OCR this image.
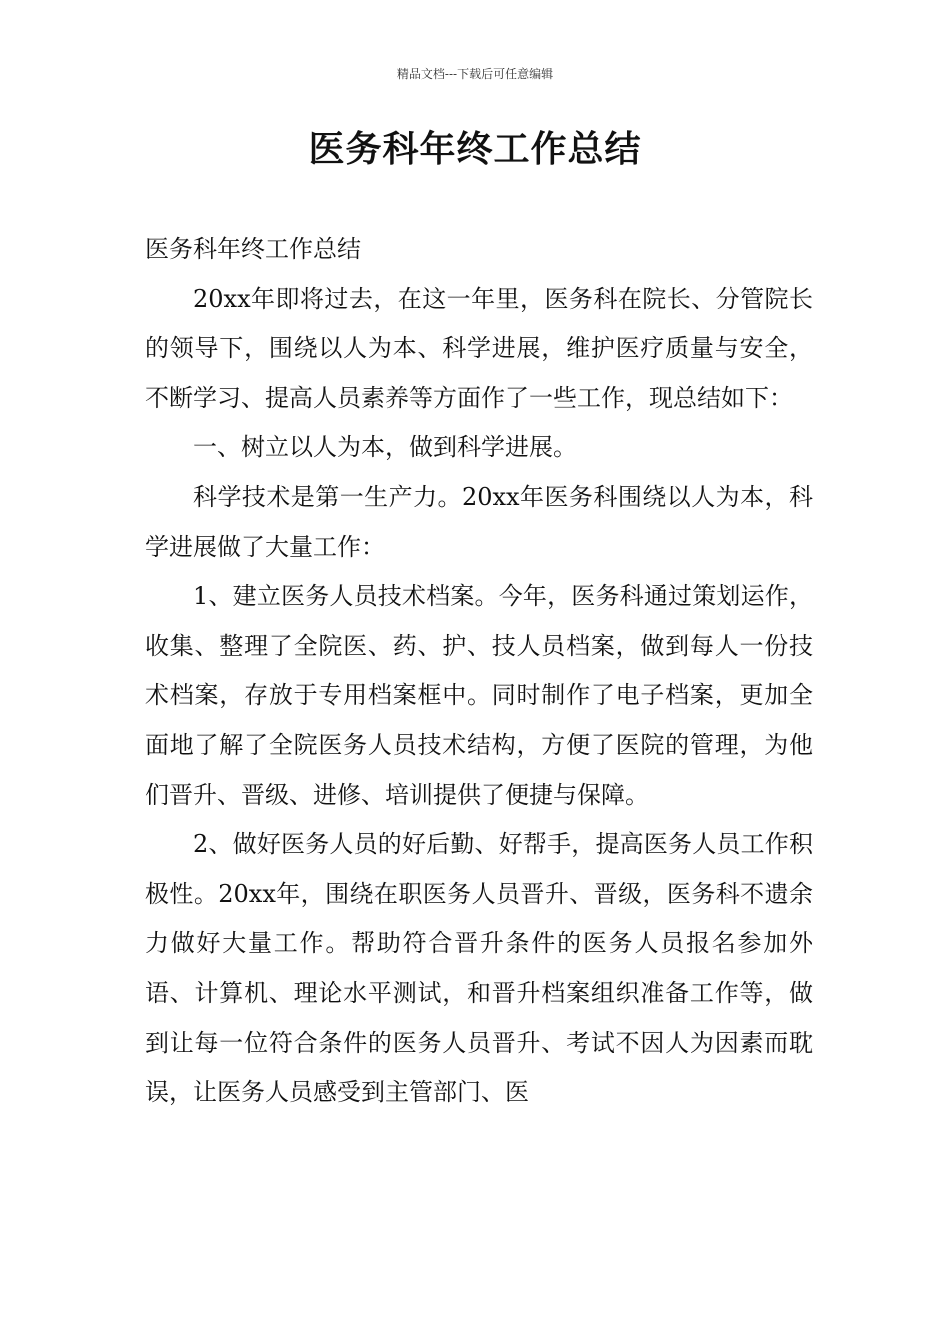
精品文档---下载后可任意编辑
医务科年终工作总结

医务科年终工作总结

20xx年即将过去，在这一年里，医务科在院长、分管院长的领导下，围绕以人为本、科学进展，维护医疗质量与安全，不断学习、提高人员素养等方面作了一些工作，现总结如下：

一、树立以人为本，做到科学进展。

科学技术是第一生产力。20xx年医务科围绕以人为本，科学进展做了大量工作：

1、建立医务人员技术档案。今年，医务科通过策划运作，收集、整理了全院医、药、护、技人员档案，做到每人一份技术档案，存放于专用档案框中。同时制作了电子档案，更加全面地了解了全院医务人员技术结构，方便了医院的管理，为他们晋升、晋级、进修、培训提供了便捷与保障。

2、做好医务人员的好后勤、好帮手，提高医务人员工作积极性。20xx年，围绕在职医务人员晋升、晋级，医务科不遗余力做好大量工作。帮助符合晋升条件的医务人员报名参加外语、计算机、理论水平测试，和晋升档案组织准备工作等，做到让每一位符合条件的医务人员晋升、考试不因人为因素而耽误，让医务人员感受到主管部门、医
